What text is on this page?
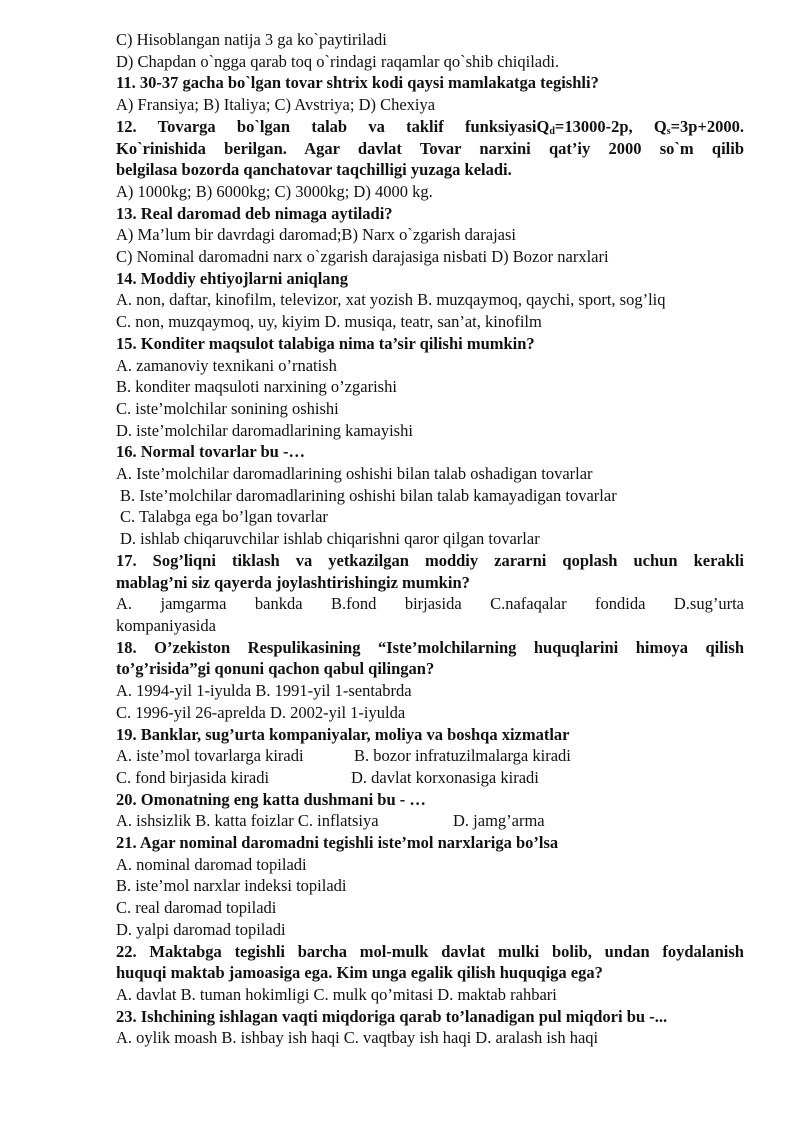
C) Hisoblangan natija 3 ga ko`paytiriladi
D) Chapdan o`ngga qarab toq o`rindagi raqamlar qo`shib chiqiladi.
11. 30-37 gacha bo`lgan tovar shtrix kodi qaysi mamlakatga tegishli?
A) Fransiya; B) Italiya; C) Avstriya; D) Chexiya
12. Tovarga bo`lgan talab va taklif funksiyasiQ$_d$=13000-2p, $Q_s=3p+2000$.
Ko`rinishida berilgan. Agar davlat Tovar narxini qat’iy 2000 so`m qilib
belgilasa bozorda qanchatovar taqchilligi yuzaga keladi.
A) 1000kg; B) 6000kg; C) 3000kg; D) 4000 kg.
13. Real daromad deb nimaga aytiladi?
A) Ma’lum bir davrdagi daromad;B) Narx o`zgarish darajasi
C) Nominal daromadni narx o`zgarish darajasiga nisbati D) Bozor narxlari
14. Moddiy ehtiyojlarni aniqlang
A. non, daftar, kinofilm, televizor, xat yozish B. muzqaymoq, qaychi, sport, sog’liq
C. non, muzqaymoq, uy, kiyim D. musiqa, teatr, san’at, kinofilm
15. Konditer maqsulot talabiga nima ta’sir qilishi mumkin?
A. zamanoviy texnikani o’rnatish
B. konditer maqsuloti narxining o’zgarishi
C. iste’molchilar sonining oshishi
D. iste’molchilar daromadlarining kamayishi
16. Normal tovarlar bu -…
A. Iste’molchilar daromadlarining oshishi bilan talab oshadigan tovarlar
B. Iste’molchilar daromadlarining oshishi bilan talab kamayadigan tovarlar
C. Talabga ega bo’lgan tovarlar
D. ishlab chiqaruvchilar ishlab chiqarishni qaror qilgan tovarlar
17. Sog’liqni tiklash va yetkazilgan moddiy zararni qoplash uchun kerakli
mablag’ni siz qayerda joylashtirishingiz mumkin?
A. jamgarma bankda B.fond birjasida C.nafaqalar fondida D.sug’urta
kompaniyasida
18. O’zekiston Respulikasining “Iste’molchilarning huquqlarini himoya qilish
to’g’risida”gi qonuni qachon qabul qilingan?
A. 1994-yil 1-iyulda B. 1991-yil 1-sentabrda
C. 1996-yil 26-aprelda D. 2002-yil 1-iyulda
19. Banklar, sug’urta kompaniyalar, moliya va boshqa xizmatlar
A. iste’mol tovarlarga kiradi	B. bozor infratuzilmalarga kiradi
C. fond birjasida kiradi	D. davlat korxonasiga kiradi
20. Omonatning eng katta dushmani bu - …
A. ishsizlik B. katta foizlar C. inflatsiya	D. jamg’arma
21. Agar nominal daromadni tegishli iste’mol narxlariga bo’lsa
A. nominal daromad topiladi
B. iste’mol narxlar indeksi topiladi
C. real daromad topiladi
D. yalpi daromad topiladi
22. Maktabga tegishli barcha mol-mulk davlat mulki bolib, undan foydalanish
huquqi maktab jamoasiga ega. Kim unga egalik qilish huquqiga ega?
A. davlat B. tuman hokimligi C. mulk qo’mitasi D. maktab rahbari
23. Ishchining ishlagan vaqti miqdoriga qarab to’lanadigan pul miqdori bu -...
A. oylik moash B. ishbay ish haqi C. vaqtbay ish haqi D. aralash ish haqi
